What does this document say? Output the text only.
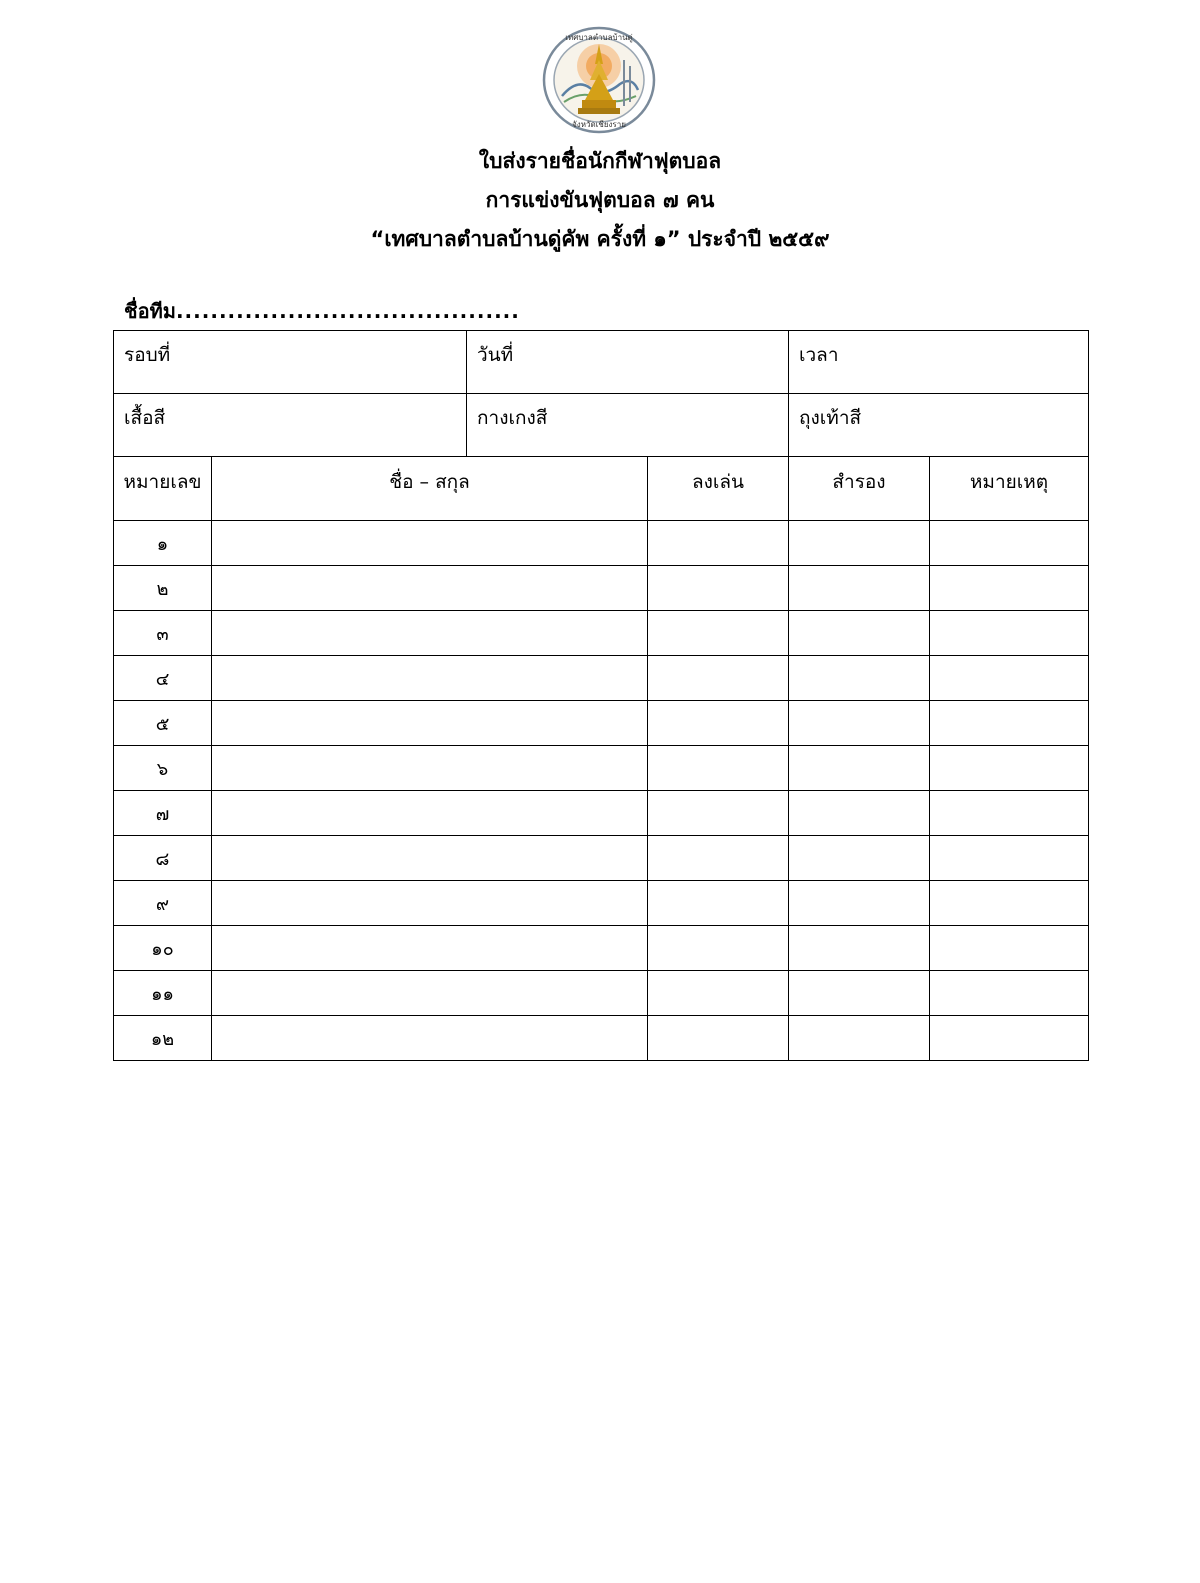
เทศบาลตำบลบ้านดู่
จังหวัดเชียงราย
ใบส่งรายชื่อนักกีฬาฟุตบอล
การแข่งขันฟุตบอล ๗ คน
“เทศบาลตำบลบ้านดู่คัพ ครั้งที่ ๑” ประจำปี ๒๕๕๙
ชื่อทีม........................................
รอบที่		วันที่		เวลา	
เสื้อสี		กางเกงสี		ถุงเท้าสี	
หมายเลข	ชื่อ – สกุล		ลงเล่น	สำรอง	หมายเหตุ
๑					
๒					
๓					
๔					
๕					
๖					
๗					
๘					
๙					
๑๐					
๑๑					
๑๒					
